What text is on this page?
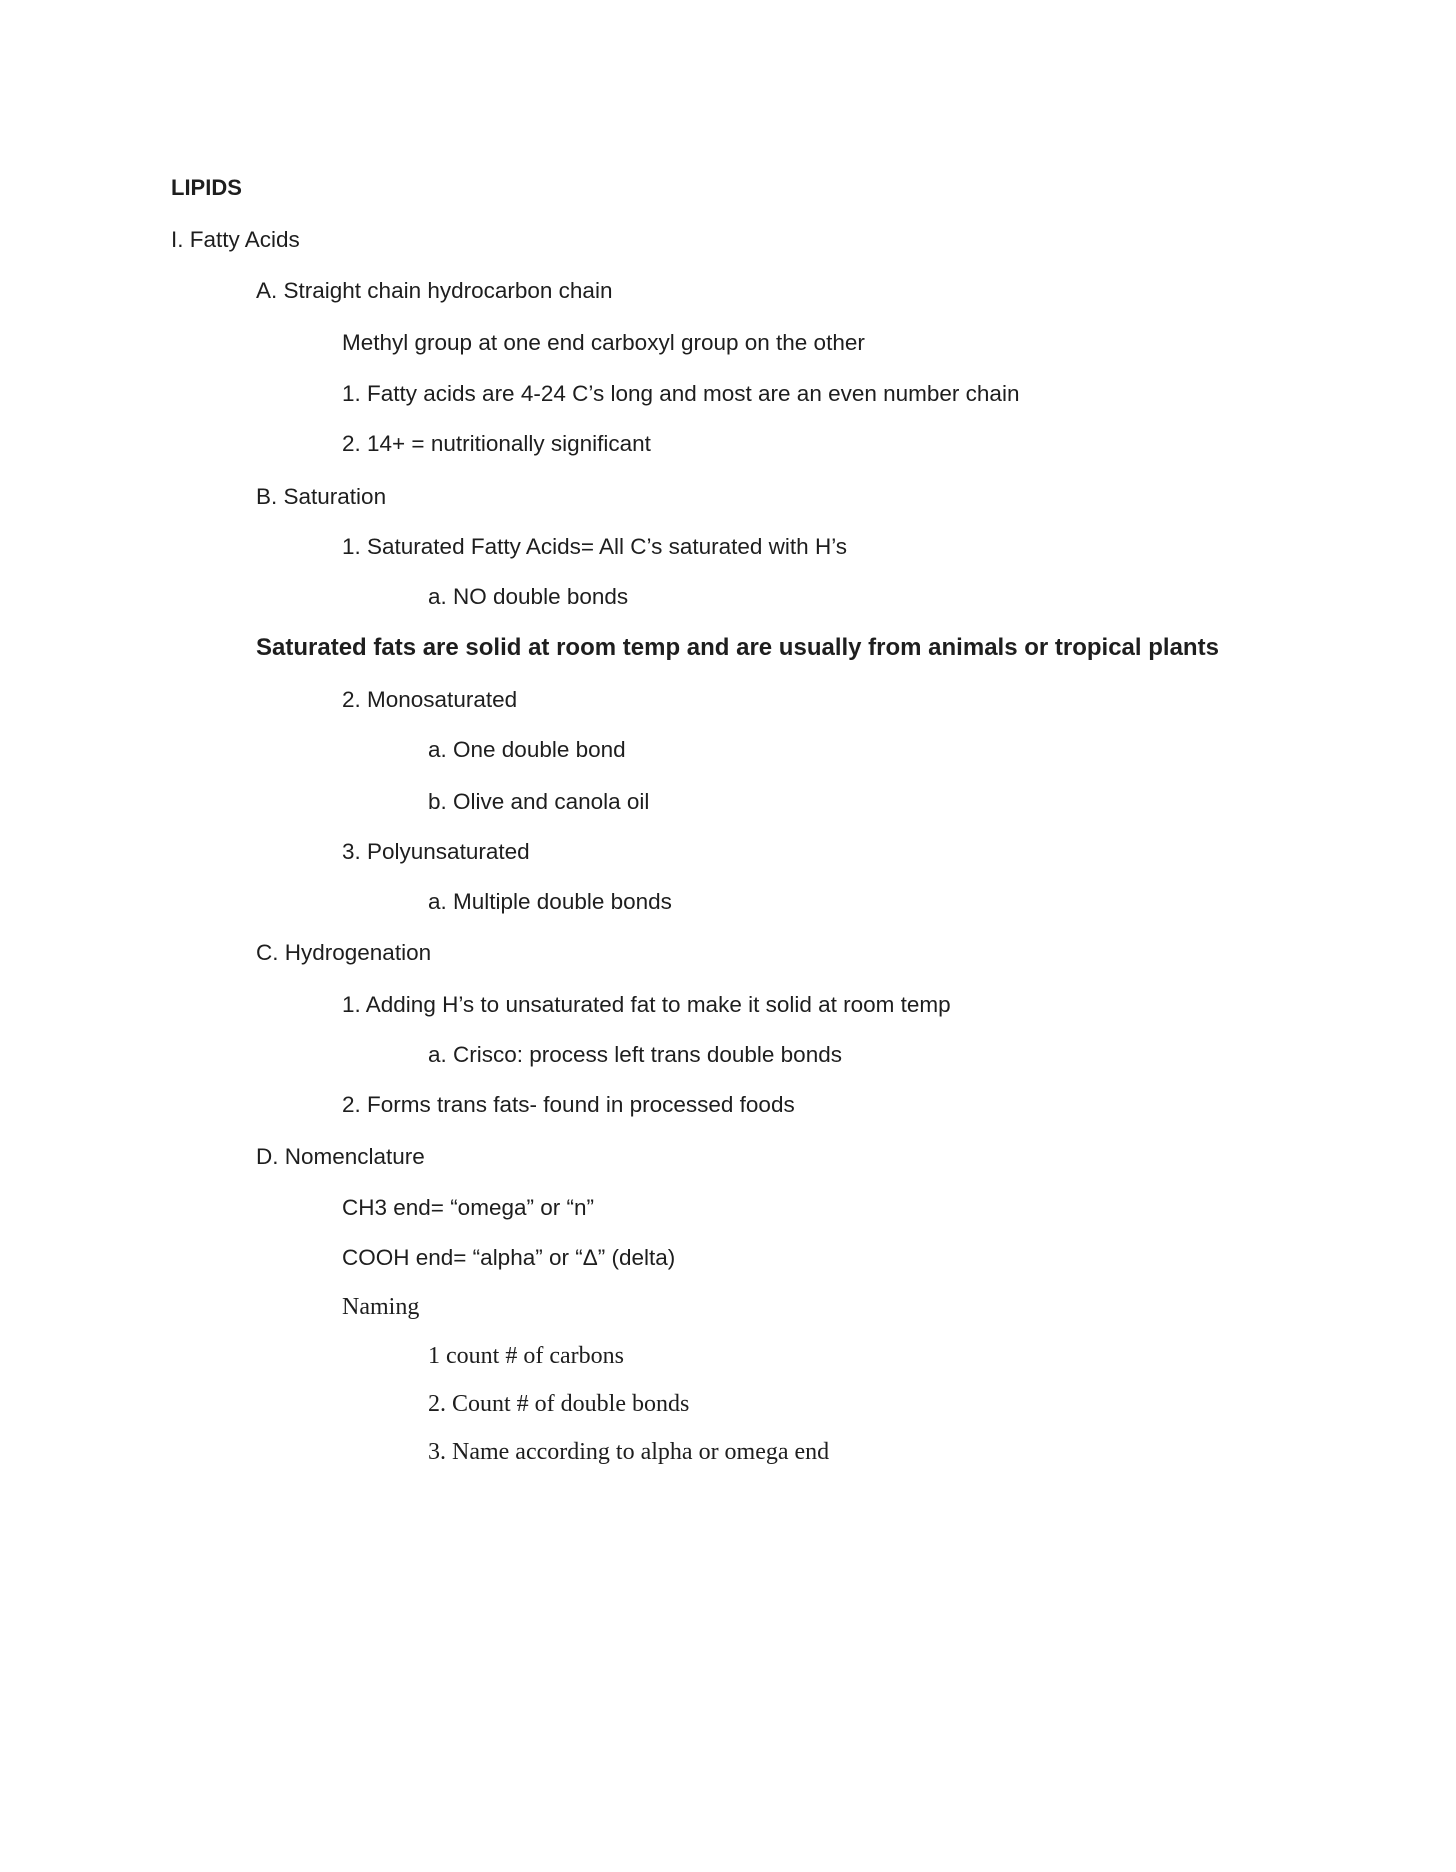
LIPIDS
I. Fatty Acids
A. Straight chain hydrocarbon chain
Methyl group at one end carboxyl group on the other
1. Fatty acids are 4-24 C’s long and most are an even number chain
2. 14+ = nutritionally significant
B. Saturation
1. Saturated Fatty Acids= All C’s saturated with H’s
a. NO double bonds
Saturated fats are solid at room temp and are usually from animals or tropical plants
2. Monosaturated
a. One double bond
b. Olive and canola oil
3. Polyunsaturated
a. Multiple double bonds
C. Hydrogenation
1. Adding H’s to unsaturated fat to make it solid at room temp
a. Crisco: process left trans double bonds
2. Forms trans fats- found in processed foods
D. Nomenclature
CH3 end= “omega” or “n”
COOH end= “alpha” or “Δ” (delta)
Naming
1 count # of carbons
2. Count # of double bonds
3. Name according to alpha or omega end
